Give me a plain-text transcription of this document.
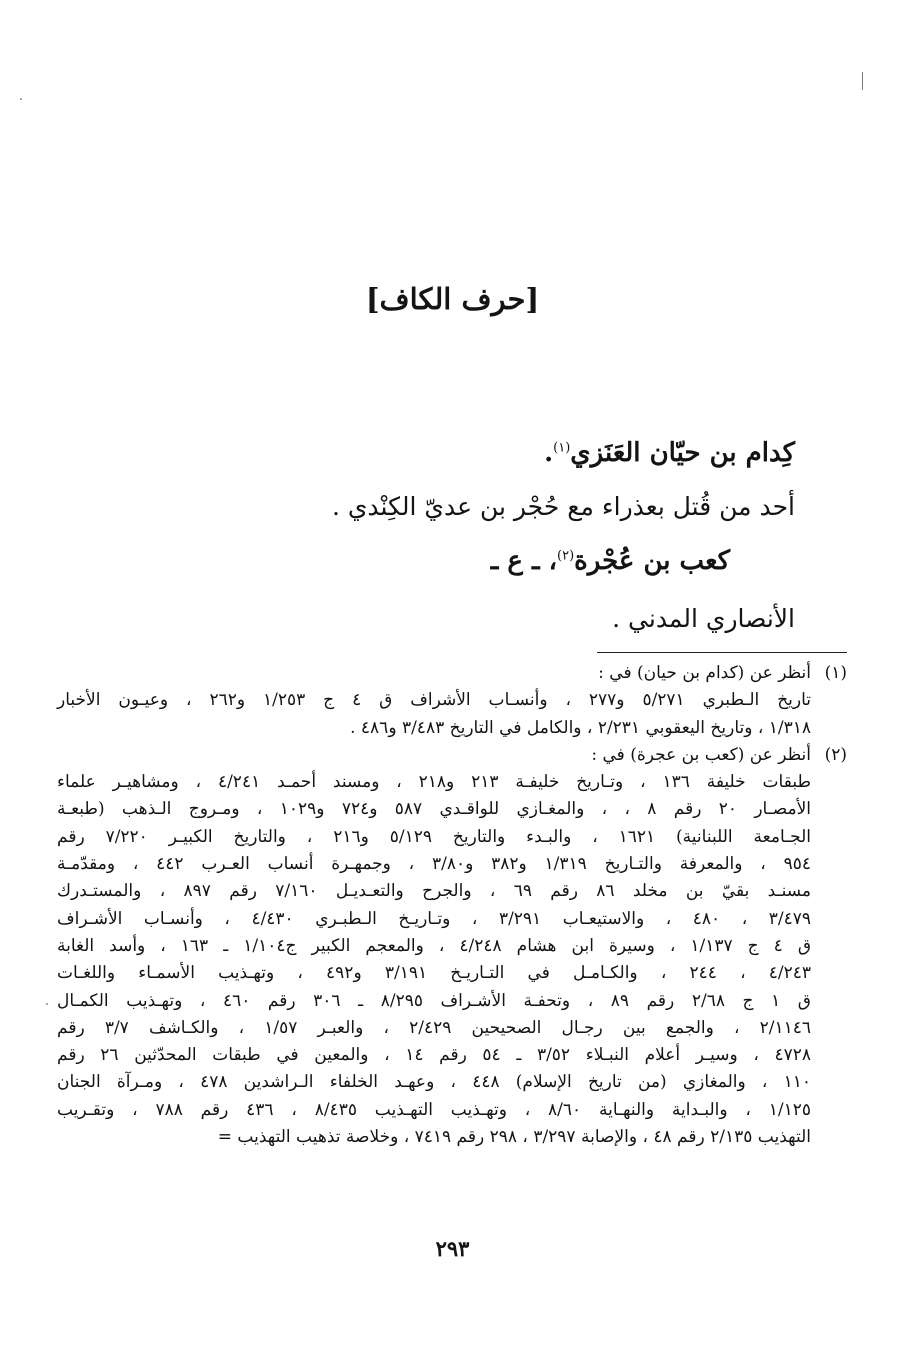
[حرف الكاف]

كِدام بن حيّان العَنَزي$^{(١)}$.

أحد من قُتل بعذراء مع حُجْر بن عديّ الكِنْدي .

كعب بن عُجْرة$^{(٢)}$، ـ ع ـ

الأنصاري المدني .

(١)
أنظر عن (كدام بن حيان) في :
تاريخ الـطبري ٥/٢٧١ و٢٧٧ ، وأنسـاب الأشراف ق ٤ ج ١/٢٥٣ و٢٦٢ ، وعيـون الأخبار
١/٣١٨ ، وتاريخ اليعقوبي ٢/٢٣١ ، والكامل في التاريخ ٣/٤٨٣ و٤٨٦ .
(٢)
أنظر عن (كعب بن عجرة) في :
طبقات خليفة ١٣٦ ، وتـاريخ خليفـة ٢١٣ و٢١٨ ، ومسند أحمـد ٤/٢٤١ ، ومشاهيـر علماء
الأمصـار ٢٠ رقم ٨ ، ، والمغـازي للواقـدي ٥٨٧ و٧٢٤ و١٠٢٩ ، ومـروج الـذهب (طبعـة
الجـامعة اللبنانية) ١٦٢١ ، والبـدء والتاريخ ٥/١٢٩ و٢١٦ ، والتاريخ الكبيـر ٧/٢٢٠ رقم
٩٥٤ ، والمعرفة والتـاريخ ١/٣١٩ و٣٨٢ و٣/٨٠ ، وجمهـرة أنساب العـرب ٤٤٢ ، ومقدّمـة
مسنـد بقيّ بن مخلد ٨٦ رقم ٦٩ ، والجرح والتعـديـل ٧/١٦٠ رقم ٨٩٧ ، والمستـدرك
٣/٤٧٩ ، ٤٨٠ ، والاستيعـاب ٣/٢٩١ ، وتـاريـخ الـطبـري ٤/٤٣٠ ، وأنسـاب الأشـراف
ق ٤ ج ١/١٣٧ ، وسيرة ابن هشام ٤/٢٤٨ ، والمعجم الكبير ج١/١٠٤ ـ ١٦٣ ، وأسد الغابة
٤/٢٤٣ ، ٢٤٤ ، والكـامـل في التـاريـخ ٣/١٩١ و٤٩٢ ، وتهـذيب الأسمـاء واللغـات
ق ١ ج ٢/٦٨ رقم ٨٩ ، وتحفـة الأشـراف ٨/٢٩٥ ـ ٣٠٦ رقم ٤٦٠ ، وتهـذيب الكمـال
٢/١١٤٦ ، والجمع بين رجـال الصحيحين ٢/٤٢٩ ، والعبـر ١/٥٧ ، والكـاشف ٣/٧ رقم
٤٧٢٨ ، وسيـر أعلام النبـلاء ٣/٥٢ ـ ٥٤ رقم ١٤ ، والمعين في طبقات المحدّثين ٢٦ رقم
١١٠ ، والمغازي (من تاريخ الإسلام) ٤٤٨ ، وعهـد الخلفاء الـراشدين ٤٧٨ ، ومـرآة الجنان
١/١٢٥ ، والبـداية والنهـاية ٨/٦٠ ، وتهـذيب التهـذيب ٨/٤٣٥ ، ٤٣٦ رقم ٧٨٨ ، وتقـريب
التهذيب ٢/١٣٥ رقم ٤٨ ، والإصابة ٣/٢٩٧ ، ٢٩٨ رقم ٧٤١٩ ، وخلاصة تذهيب التهذيب =

٢٩٣
